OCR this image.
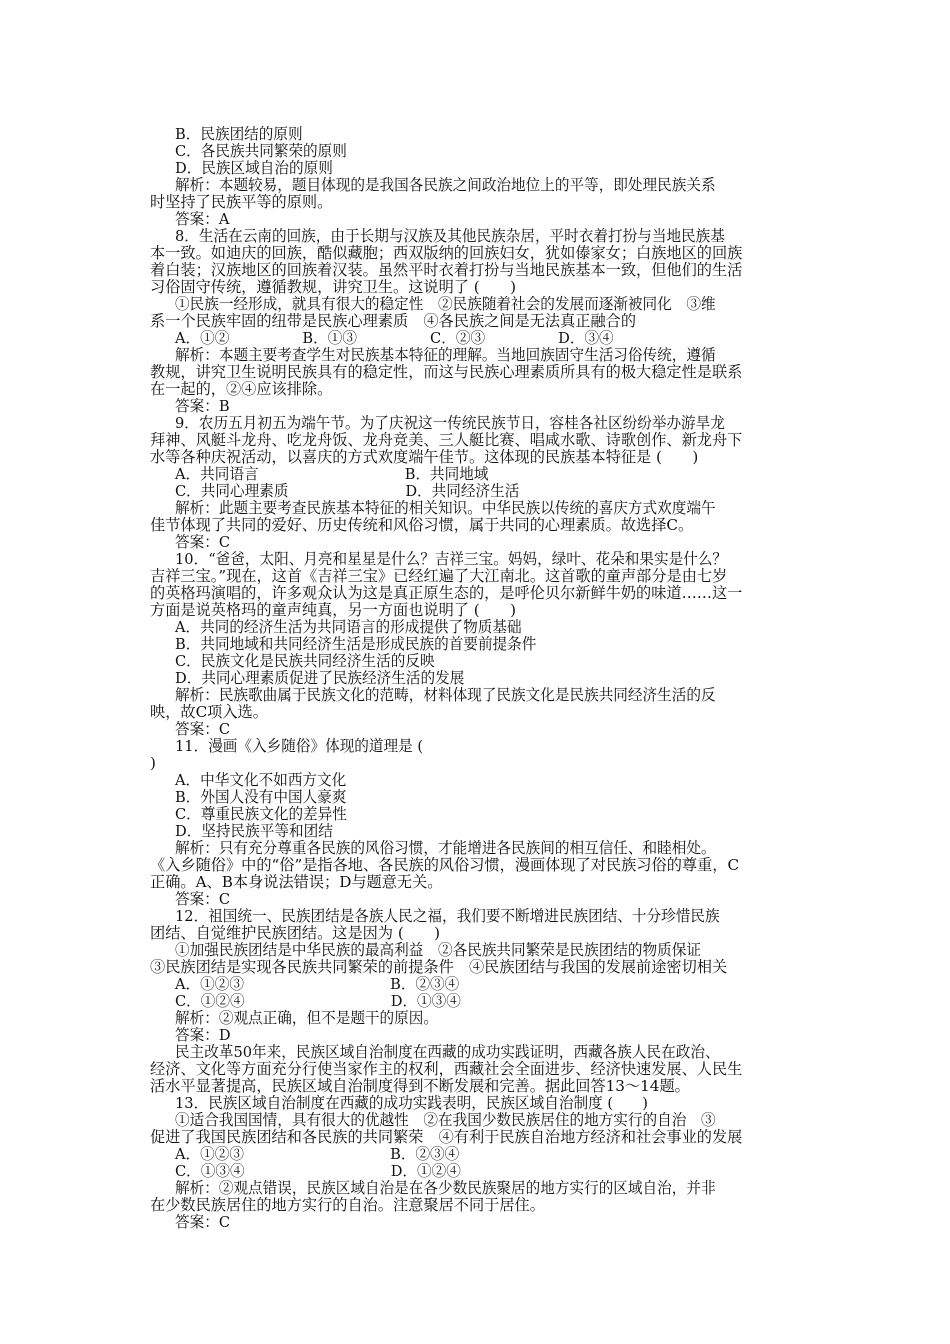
B．民族团结的原则
C．各民族共同繁荣的原则
D．民族区域自治的原则
解析：本题较易，题目体现的是我国各民族之间政治地位上的平等，即处理民族关系
时坚持了民族平等的原则。
答案：A
8．生活在云南的回族，由于长期与汉族及其他民族杂居，平时衣着打扮与当地民族基
本一致。如迪庆的回族，酷似藏胞；西双版纳的回族妇女，犹如傣家女；白族地区的回族
着白装；汉族地区的回族着汉装。虽然平时衣着打扮与当地民族基本一致，但他们的生活
习俗固守传统，遵循教规，讲究卫生。这说明了 (　　)
①民族一经形成，就具有很大的稳定性　②民族随着社会的发展而逐渐被同化　③维
系一个民族牢固的纽带是民族心理素质　④各民族之间是无法真正融合的
A．①②　　　　　B．①③　　　　　C．②③　　　　　D．③④
解析：本题主要考查学生对民族基本特征的理解。当地回族固守生活习俗传统，遵循
教规，讲究卫生说明民族具有的稳定性，而这与民族心理素质所具有的极大稳定性是联系
在一起的，②④应该排除。
答案：B
9．农历五月初五为端午节。为了庆祝这一传统民族节日，容桂各社区纷纷举办游旱龙
拜神、风艇斗龙舟、吃龙舟饭、龙舟竞美、三人艇比赛、唱咸水歌、诗歌创作、新龙舟下
水等各种庆祝活动，以喜庆的方式欢度端午佳节。这体现的民族基本特征是 (　　)
A．共同语言　　　　　　　　　　B．共同地域
C．共同心理素质　　　　　　　　D．共同经济生活
解析：此题主要考查民族基本特征的相关知识。中华民族以传统的喜庆方式欢度端午
佳节体现了共同的爱好、历史传统和风俗习惯，属于共同的心理素质。故选择C。
答案：C
10．“爸爸，太阳、月亮和星星是什么？吉祥三宝。妈妈，绿叶、花朵和果实是什么？
吉祥三宝。”现在，这首《吉祥三宝》已经红遍了大江南北。这首歌的童声部分是由七岁
的英格玛演唱的，许多观众认为这是真正原生态的，是呼伦贝尔新鲜牛奶的味道……这一
方面是说英格玛的童声纯真，另一方面也说明了 (　　)
A．共同的经济生活为共同语言的形成提供了物质基础
B．共同地域和共同经济生活是形成民族的首要前提条件
C．民族文化是民族共同经济生活的反映
D．共同心理素质促进了民族经济生活的发展
解析：民族歌曲属于民族文化的范畴，材料体现了民族文化是民族共同经济生活的反
映，故C项入选。
答案：C
11．漫画《入乡随俗》体现的道理是 (
)
A．中华文化不如西方文化
B．外国人没有中国人豪爽
C．尊重民族文化的差异性
D．坚持民族平等和团结
解析：只有充分尊重各民族的风俗习惯，才能增进各民族间的相互信任、和睦相处。
《入乡随俗》中的“俗”是指各地、各民族的风俗习惯，漫画体现了对民族习俗的尊重，C
正确。A、B本身说法错误；D与题意无关。
答案：C
12．祖国统一、民族团结是各族人民之福，我们要不断增进民族团结、十分珍惜民族
团结、自觉维护民族团结。这是因为 (　　)
①加强民族团结是中华民族的最高利益　②各民族共同繁荣是民族团结的物质保证
③民族团结是实现各民族共同繁荣的前提条件　④民族团结与我国的发展前途密切相关
A．①②③　　　　　　　　　　B．②③④
C．①②④　　　　　　　　　　D．①③④
解析：②观点正确，但不是题干的原因。
答案：D
民主改革50年来，民族区域自治制度在西藏的成功实践证明，西藏各族人民在政治、
经济、文化等方面充分行使当家作主的权利，西藏社会全面进步、经济快速发展、人民生
活水平显著提高，民族区域自治制度得到不断发展和完善。据此回答13～14题。
13．民族区域自治制度在西藏的成功实践表明，民族区域自治制度 (　　)
①适合我国国情，具有很大的优越性　②在我国少数民族居住的地方实行的自治　③
促进了我国民族团结和各民族的共同繁荣　④有利于民族自治地方经济和社会事业的发展
A．①②③　　　　　　　　　　B．②③④
C．①③④　　　　　　　　　　D．①②④
解析：②观点错误，民族区域自治是在各少数民族聚居的地方实行的区域自治，并非
在少数民族居住的地方实行的自治。注意聚居不同于居住。
答案：C
